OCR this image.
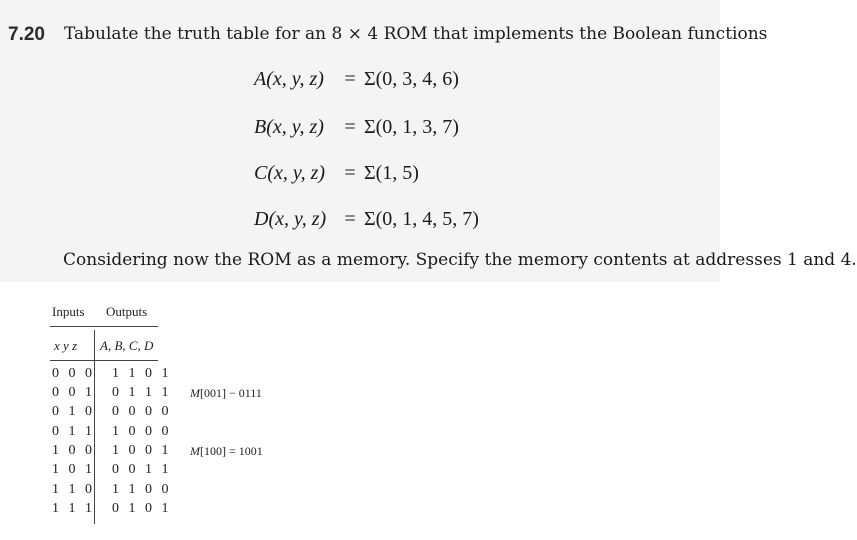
7.20 Tabulate the truth table for an 8 × 4 ROM that implements the Boolean functions
A(x, y, z) = Σ(0, 3, 4, 6)
B(x, y, z) = Σ(0, 1, 3, 7)
C(x, y, z) = Σ(1, 5)
D(x, y, z) = Σ(0, 1, 4, 5, 7)
Considering now the ROM as a memory. Specify the memory contents at addresses 1 and 4.
Inputs Outputs
x y z A, B, C, D
0 0 0 1 1 0 1
0 0 1 0 1 1 1
0 1 0 0 0 0 0
0 1 1 1 0 0 0
1 0 0 1 0 0 1
1 0 1 0 0 1 1
1 1 0 1 1 0 0
1 1 1 0 1 0 1
M[001] − 0111
M[100] = 1001
